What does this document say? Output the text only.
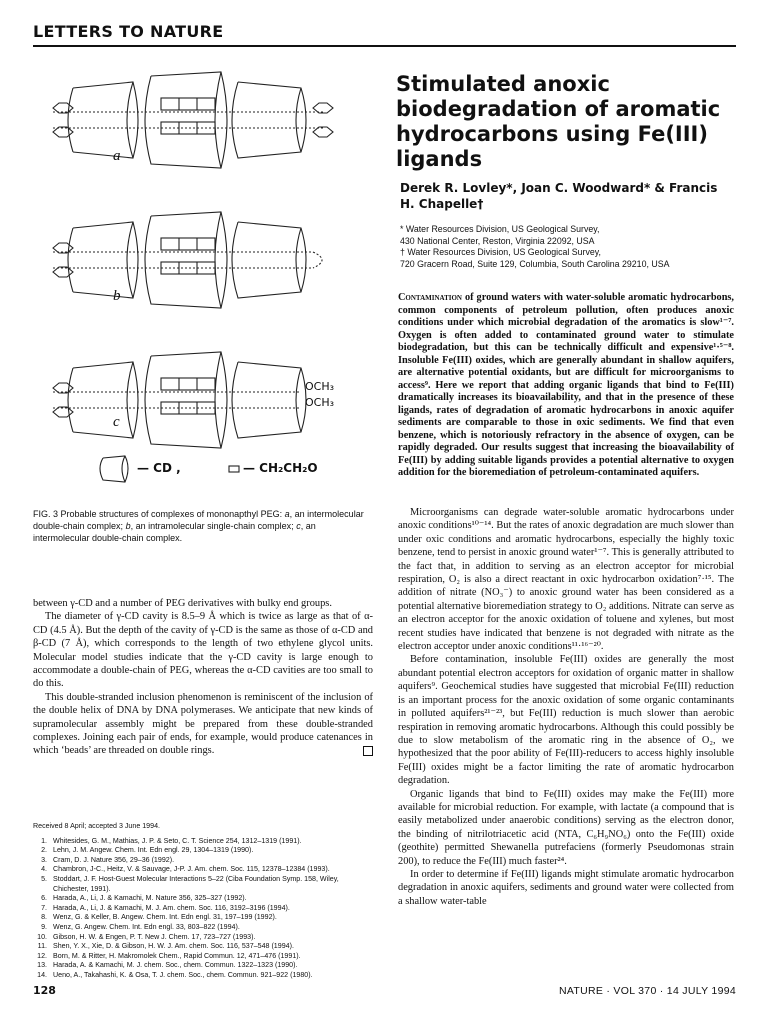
LETTERS TO NATURE
a
b
c
OCH₃
OCH₃
— CD ,	— CH₂CH₂O
FIG. 3 Probable structures of complexes of mononapthyl PEG: a, an intermolecular double-chain complex; b, an intramolecular single-chain complex; c, an intermolecular double-chain complex.

between γ-CD and a number of PEG derivatives with bulky end groups.

The diameter of γ-CD cavity is 8.5–9 Å which is twice as large as that of α-CD (4.5 Å). But the depth of the cavity of γ-CD is the same as those of α-CD and β-CD (7 Å), which corresponds to the length of two ethylene glycol units. Molecular model studies indicate that the γ-CD cavity is large enough to accommodate a double-chain of PEG, whereas the α-CD cavities are too small to do this.

This double-stranded inclusion phenomenon is reminiscent of the inclusion of the double helix of DNA by DNA polymerases. We anticipate that new kinds of supramolecular assembly might be prepared from these double-stranded complexes. Joining each pair of ends, for example, would produce catenances in which ‘beads’ are threaded on double rings.

Received 8 April; accepted 3 June 1994.
1. Whitesides, G. M., Mathias, J. P. & Seto, C. T. Science 254, 1312–1319 (1991).
2. Lehn, J. M. Angew. Chem. Int. Edn engl. 29, 1304–1319 (1990).
3. Cram, D. J. Nature 356, 29–36 (1992).
4. Chambron, J-C., Heitz, V. & Sauvage, J-P. J. Am. chem. Soc. 115, 12378–12384 (1993).
5. Stoddart, J. F. Host-Guest Molecular Interactions 5–22 (Ciba Foundation Symp. 158, Wiley, Chichester, 1991).
6. Harada, A., Li, J. & Kamachi, M. Nature 356, 325–327 (1992).
7. Harada, A., Li, J. & Kamachi, M. J. Am. chem. Soc. 116, 3192–3196 (1994).
8. Wenz, G. & Keller, B. Angew. Chem. Int. Edn engl. 31, 197–199 (1992).
9. Wenz, G. Angew. Chem. Int. Edn engl. 33, 803–822 (1994).
10. Gibson, H. W. & Engen, P. T. New J. Chem. 17, 723–727 (1993).
11. Shen, Y. X., Xie, D. & Gibson, H. W. J. Am. chem. Soc. 116, 537–548 (1994).
12. Born, M. & Ritter, H. Makromolek Chem., Rapid Commun. 12, 471–476 (1991).
13. Harada, A. & Kamachi, M. J. chem. Soc., chem. Commun. 1322–1323 (1990).
14. Ueno, A., Takahashi, K. & Osa, T. J. chem. Soc., chem. Commun. 921–922 (1980).
Stimulated anoxic biodegradation of aromatic hydrocarbons using Fe(III) ligands
Derek R. Lovley*, Joan C. Woodward* & Francis H. Chapelle†
* Water Resources Division, US Geological Survey,
430 National Center, Reston, Virginia 22092, USA
† Water Resources Division, US Geological Survey,
720 Gracern Road, Suite 129, Columbia, South Carolina 29210, USA
Contamination of ground waters with water-soluble aromatic hydrocarbons, common components of petroleum pollution, often produces anoxic conditions under which microbial degradation of the aromatics is slow¹⁻⁷. Oxygen is often added to contaminated ground water to stimulate biodegradation, but this can be technically difficult and expensive¹·⁵⁻⁸. Insoluble Fe(III) oxides, which are generally abundant in shallow aquifers, are alternative potential oxidants, but are difficult for microorganisms to access⁹. Here we report that adding organic ligands that bind to Fe(III) dramatically increases its bioavailability, and that in the presence of these ligands, rates of degradation of aromatic hydrocarbons in anoxic aquifer sediments are comparable to those in oxic sediments. We find that even benzene, which is notoriously refractory in the absence of oxygen, can be rapidly degraded. Our results suggest that increasing the bioavailability of Fe(III) by adding suitable ligands provides a potential alternative to oxygen addition for the bioremediation of petroleum-contaminated aquifers.

Microorganisms can degrade water-soluble aromatic hydrocarbons under anoxic conditions¹⁰⁻¹⁴. But the rates of anoxic degradation are much slower than under oxic conditions and aromatic hydrocarbons, especially the highly toxic benzene, tend to persist in anoxic ground water¹⁻⁷. This is generally attributed to the fact that, in addition to serving as an electron acceptor for microbial respiration, O₂ is also a direct reactant in oxic hydrocarbon oxidation⁷·¹⁵. The addition of nitrate (NO₃⁻) to anoxic ground water has been considered as a potential alternative bioremediation strategy to O₂ additions. Nitrate can serve as an electron acceptor for the anoxic oxidation of toluene and xylenes, but most recent studies have indicated that benzene is not degraded with nitrate as the electron acceptor under anoxic conditions¹¹·¹⁶⁻²⁰.

Before contamination, insoluble Fe(III) oxides are generally the most abundant potential electron acceptors for oxidation of organic matter in shallow aquifers⁹. Geochemical studies have suggested that microbial Fe(III) reduction is an important process for the anoxic oxidation of some organic contaminants in polluted aquifers²¹⁻²³, but Fe(III) reduction is much slower than aerobic respiration in removing aromatic hydrocarbons. Although this could possibly be due to slow metabolism of the aromatic ring in the absence of O₂, we hypothesized that the poor ability of Fe(III)-reducers to access highly insoluble Fe(III) oxides might be a factor limiting the rate of aromatic hydrocarbon degradation.

Organic ligands that bind to Fe(III) oxides may make the Fe(III) more available for microbial reduction. For example, with lactate (a compound that is easily metabolized under anaerobic conditions) serving as the electron donor, the binding of nitrilotriacetic acid (NTA, C₆H₉NO₆) onto the Fe(III) oxide (geothite) permitted Shewanella putrefaciens (formerly Pseudomonas strain 200), to reduce the Fe(III) much faster²⁴.

In order to determine if Fe(III) ligands might stimulate aromatic hydrocarbon degradation in anoxic aquifers, sediments and ground water were collected from a shallow water-table

128	NATURE · VOL 370 · 14 JULY 1994
